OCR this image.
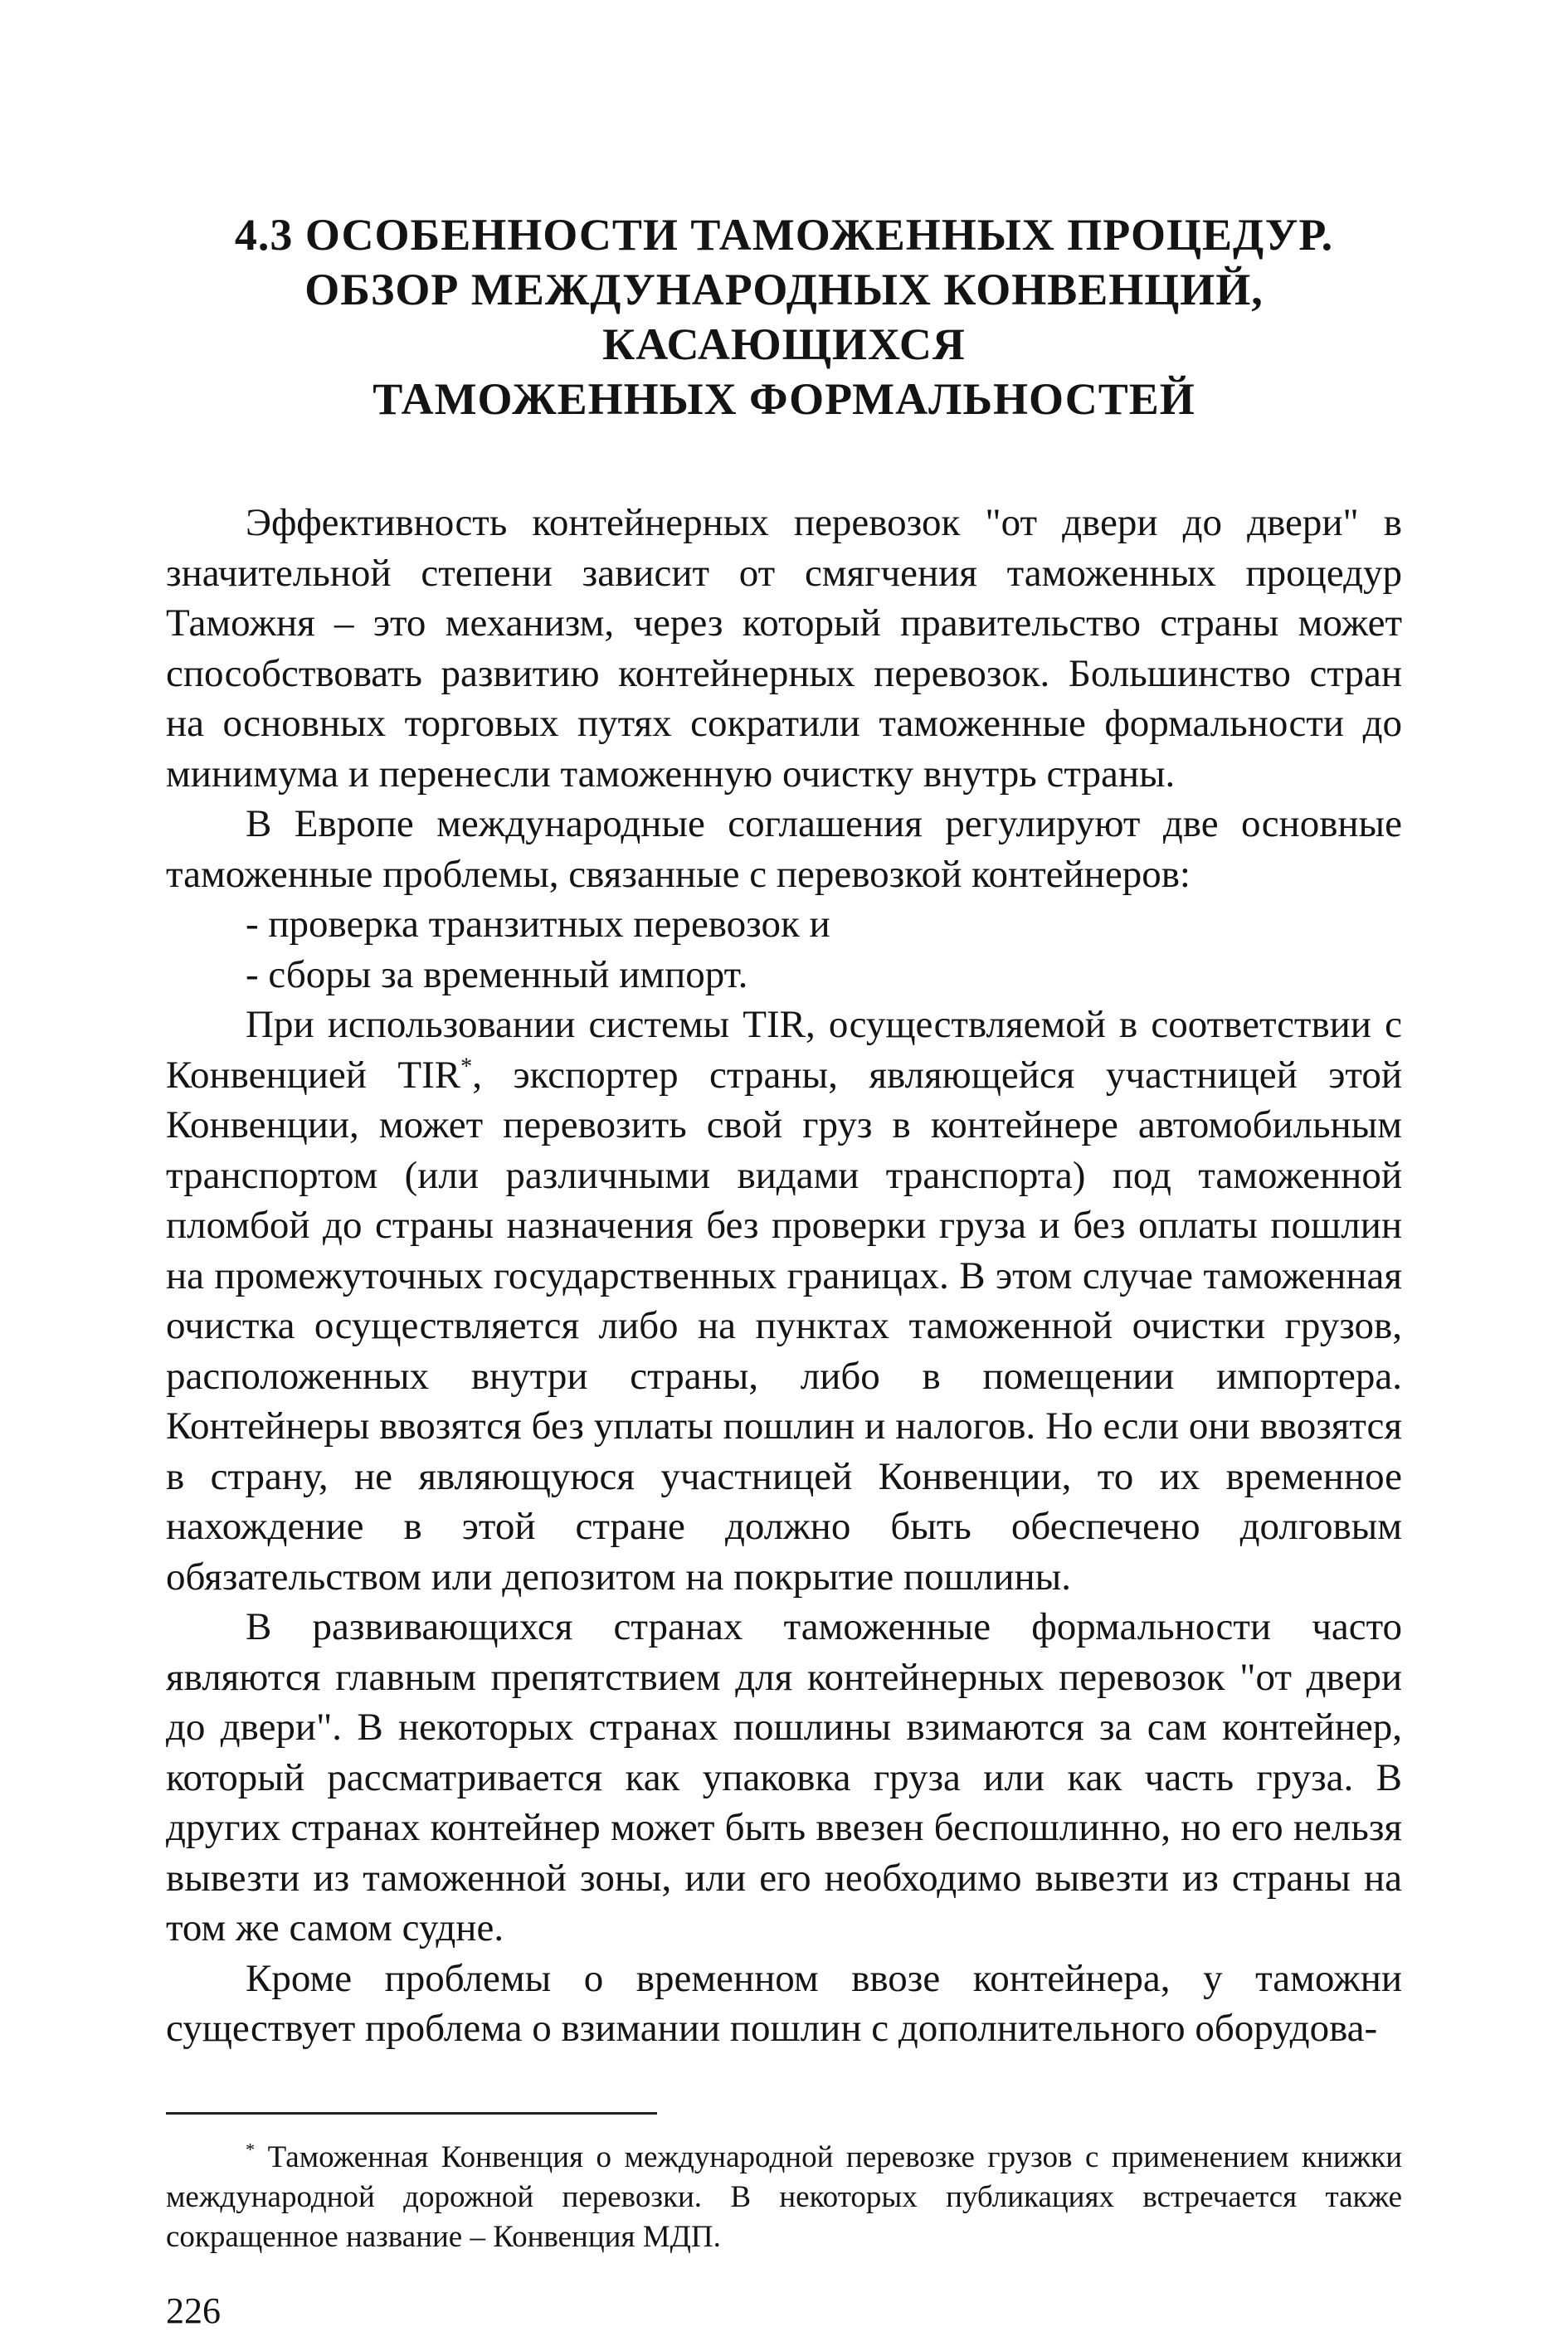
4.3 ОСОБЕННОСТИ ТАМОЖЕННЫХ ПРОЦЕДУР.
ОБЗОР МЕЖДУНАРОДНЫХ КОНВЕНЦИЙ, КАСАЮЩИХСЯ
ТАМОЖЕННЫХ ФОРМАЛЬНОСТЕЙ

Эффективность контейнерных перевозок "от двери до двери" в значительной степени зависит от смягчения таможенных процедур Таможня – это механизм, через который правительство страны может способствовать развитию контейнерных перевозок. Большинство стран на основных торговых путях сократили таможенные формальности до минимума и перенесли таможенную очистку внутрь страны.

В Европе международные соглашения регулируют две основные таможенные проблемы, связанные с перевозкой контейнеров:

- проверка транзитных перевозок и

- сборы за временный импорт.

При использовании системы TIR, осуществляемой в соответствии с Конвенцией TIR*, экспортер страны, являющейся участницей этой Конвенции, может перевозить свой груз в контейнере автомобильным транспортом (или различными видами транспорта) под таможенной пломбой до страны назначения без проверки груза и без оплаты пошлин на промежуточных государственных границах. В этом случае таможенная очистка осуществляется либо на пунктах таможенной очистки грузов, расположенных внутри страны, либо в помещении импортера. Контейнеры ввозятся без уплаты пошлин и налогов. Но если они ввозятся в страну, не являющуюся участницей Конвенции, то их временное нахождение в этой стране должно быть обеспечено долговым обязательством или депозитом на покрытие пошлины.

В развивающихся странах таможенные формальности часто являются главным препятствием для контейнерных перевозок "от двери до двери". В некоторых странах пошлины взимаются за сам контейнер, который рассматривается как упаковка груза или как часть груза. В других странах контейнер может быть ввезен беспошлинно, но его нельзя вывезти из таможенной зоны, или его необходимо вывезти из страны на том же самом судне.

Кроме проблемы о временном ввозе контейнера, у таможни существует проблема о взимании пошлин с дополнительного оборудова-

* Таможенная Конвенция о международной перевозке грузов с применением книжки международной дорожной перевозки. В некоторых публикациях встречается также сокращенное название – Конвенция МДП.

226
